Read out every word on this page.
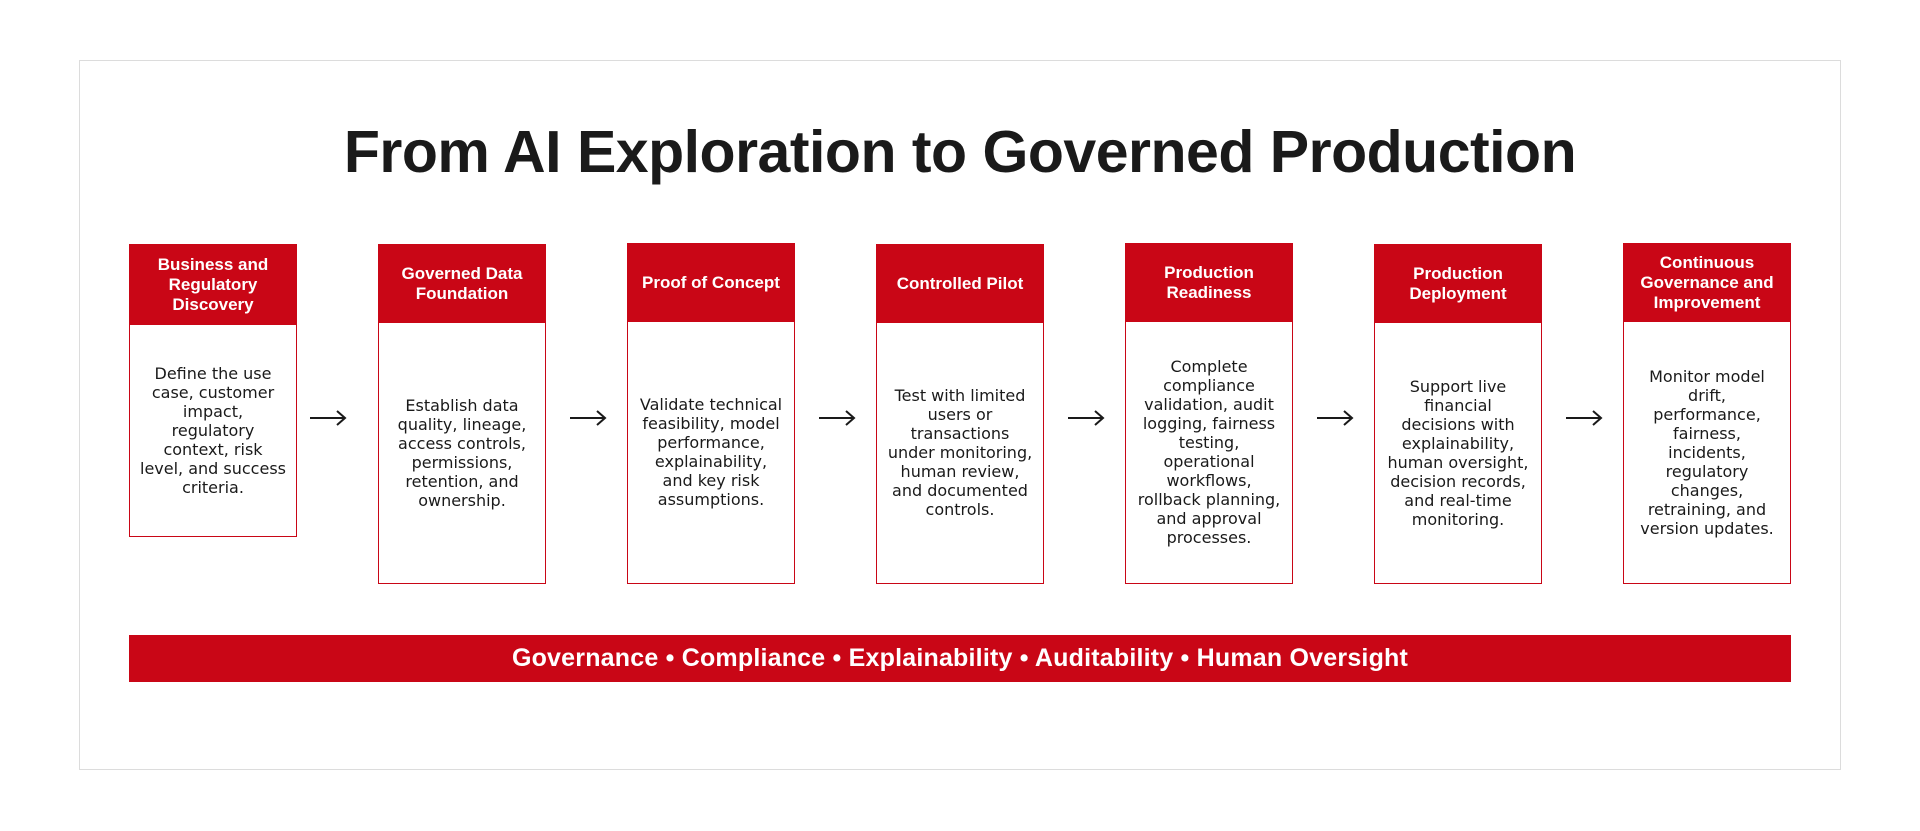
From AI Exploration to Governed Production
Business and Regulatory Discovery
Define the use case, customer impact, regulatory context, risk level, and success criteria.
Governed Data Foundation
Establish data quality, lineage, access controls, permissions, retention, and ownership.
Proof of Concept
Validate technical feasibility, model performance, explainability, and key risk assumptions.
Controlled Pilot
Test with limited users or transactions under monitoring, human review, and documented controls.
Production Readiness
Complete compliance validation, audit logging, fairness testing, operational workflows, rollback planning, and approval processes.
Production Deployment
Support live financial decisions with explainability, human oversight, decision records, and real-time monitoring.
Continuous Governance and Improvement
Monitor model drift, performance, fairness, incidents, regulatory changes, retraining, and version updates.
Governance • Compliance • Explainability • Auditability • Human Oversight
